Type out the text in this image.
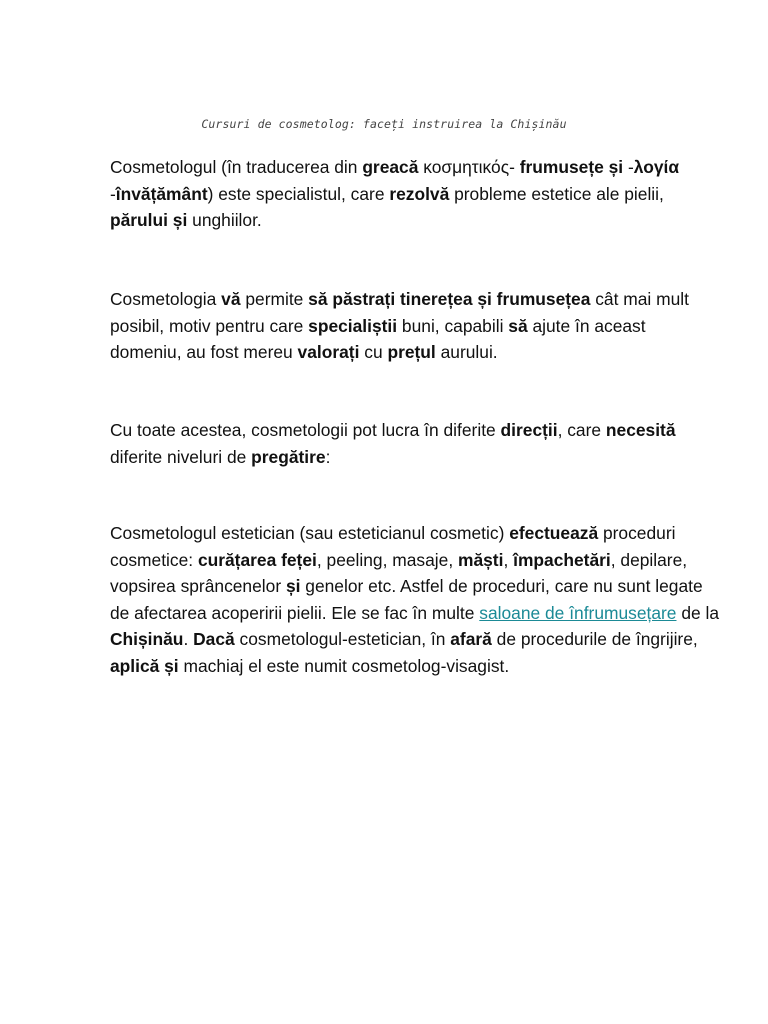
Cursuri de cosmetolog: faceți instruirea la Chișinău

Cosmetologul (în traducerea din greacă κοσμητικός- frumusețe și -λογία -învățământ) este specialistul, care rezolvă probleme estetice ale pielii, părului și unghiilor.

Cosmetologia vă permite să păstrați tinerețea și frumusețea cât mai mult posibil, motiv pentru care specialiștii buni, capabili să ajute în aceast domeniu, au fost mereu valorați cu prețul aurului.

Cu toate acestea, cosmetologii pot lucra în diferite direcții, care necesită diferite niveluri de pregătire:

Cosmetologul estetician (sau esteticianul cosmetic) efectuează proceduri cosmetice: curățarea feței, peeling, masaje, măști, împachetări, depilare, vopsirea sprâncenelor și genelor etc. Astfel de proceduri, care nu sunt legate de afectarea acoperirii pielii. Ele se fac în multe saloane de înfrumusețare de la Chișinău. Dacă cosmetologul-estetician, în afară de procedurile de îngrijire, aplică și machiaj el este numit cosmetolog-visagist.
